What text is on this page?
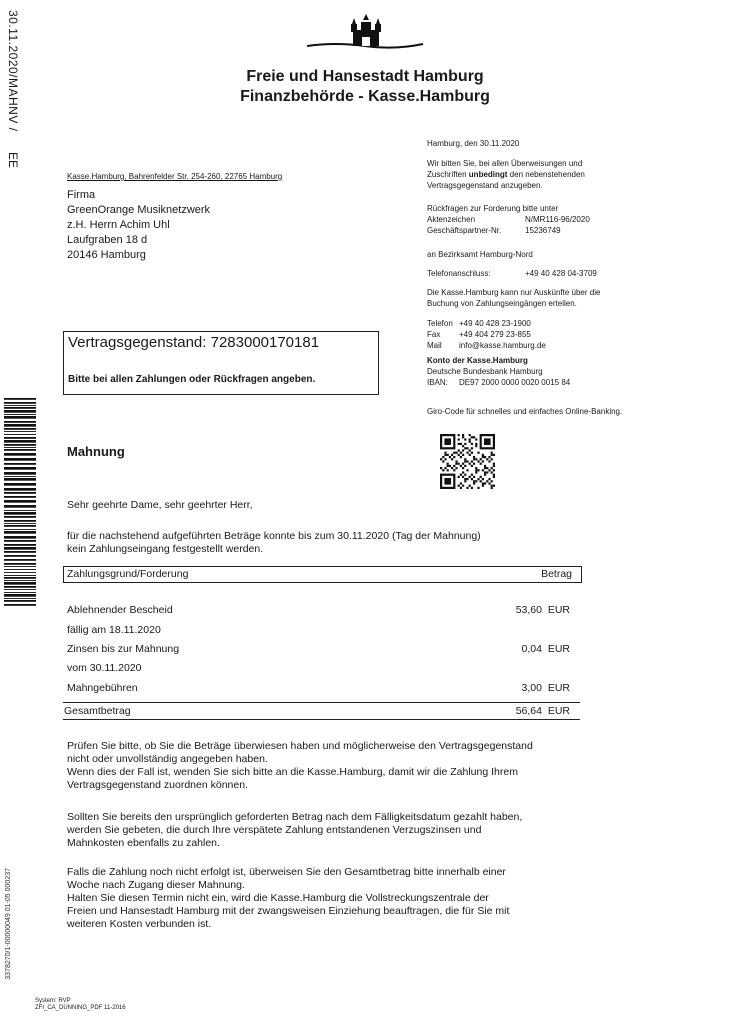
30.11.2020/MAHNV /
EE
3378270/1-00000049 01-05 000237
Freie und Hansestadt Hamburg
Finanzbehörde - Kasse.Hamburg
Hamburg, den 30.11.2020
Wir bitten Sie, bei allen Überweisungen und
Zuschriften unbedingt den nebenstehenden
Vertragsgegenstand anzugeben.
Rückfragen zur Forderung bitte unter
Aktenzeichen	N/MR116-96/2020
Geschäftspartner-Nr.	15236749
an Bezirksamt Hamburg-Nord
Telefonanschluss:	+49 40 428 04-3709
Die Kasse.Hamburg kann nur Auskünfte über die
Buchung von Zahlungseingängen erteilen.
Telefon +49 40 428 23-1900
Fax	+49 404 279 23-855
Mail	info@kasse.hamburg.de
Konto der Kasse.Hamburg
Deutsche Bundesbank Hamburg
IBAN:	DE97 2000 0000 0020 0015 84
Giro-Code für schnelles und einfaches Online-Banking.
Kasse.Hamburg, Bahrenfelder Str. 254-260, 22765 Hamburg
Firma
GreenOrange Musiknetzwerk
z.H. Herrn Achim Uhl
Laufgraben 18 d
20146 Hamburg
Vertragsgegenstand: 7283000170181
Bitte bei allen Zahlungen oder Rückfragen angeben.
Mahnung
Sehr geehrte Dame, sehr geehrter Herr,
für die nachstehend aufgeführten Beträge konnte bis zum 30.11.2020 (Tag der Mahnung)
kein Zahlungseingang festgestellt werden.
Zahlungsgrund/Forderung	Betrag
Ablehnender Bescheid	53,60 EUR
fällig am 18.11.2020
Zinsen bis zur Mahnung	0,04 EUR
vom 30.11.2020
Mahngebühren	3,00 EUR
Gesamtbetrag	56,64 EUR
Prüfen Sie bitte, ob Sie die Beträge überwiesen haben und möglicherweise den Vertragsgegenstand
nicht oder unvollständig angegeben haben.
Wenn dies der Fall ist, wenden Sie sich bitte an die Kasse.Hamburg, damit wir die Zahlung Ihrem
Vertragsgegenstand zuordnen können.
Sollten Sie bereits den ursprünglich geforderten Betrag nach dem Fälligkeitsdatum gezahlt haben,
werden Sie gebeten, die durch Ihre verspätete Zahlung entstandenen Verzugszinsen und
Mahnkosten ebenfalls zu zahlen.
Falls die Zahlung noch nicht erfolgt ist, überweisen Sie den Gesamtbetrag bitte innerhalb einer
Woche nach Zugang dieser Mahnung.
Halten Sie diesen Termin nicht ein, wird die Kasse.Hamburg die Vollstreckungszentrale der
Freien und Hansestadt Hamburg mit der zwangsweisen Einziehung beauftragen, die für Sie mit
weiteren Kosten verbunden ist.
System: RVP
ZFI_CA_DUNNING_PDF 11-2016
